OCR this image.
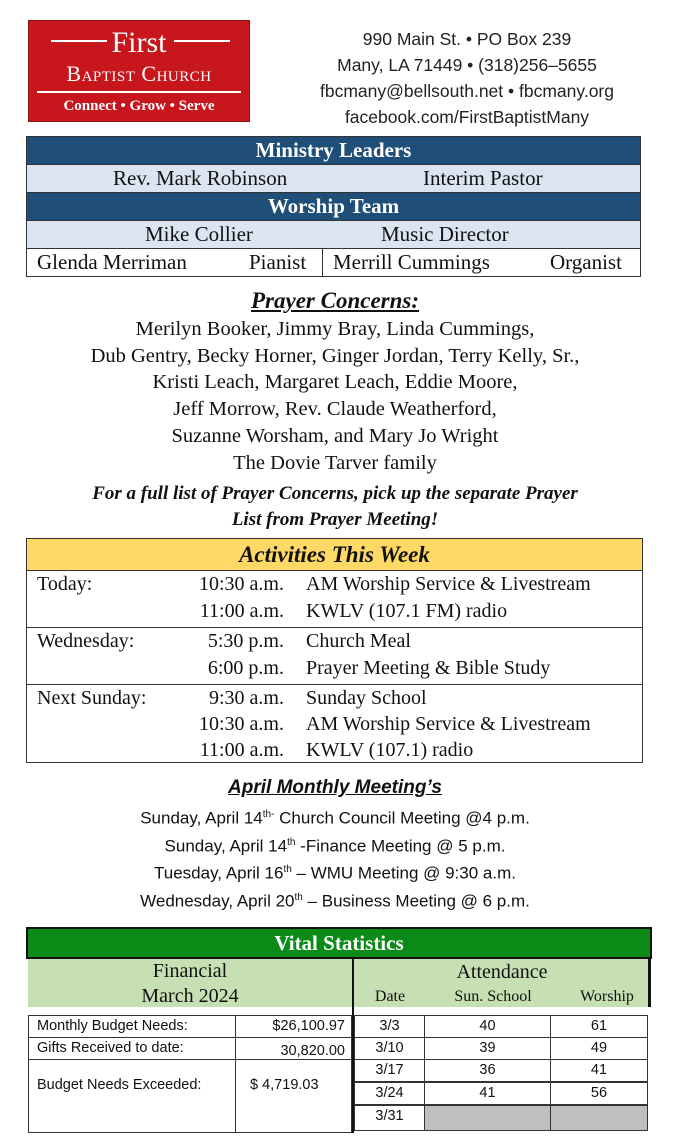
First
Baptist Church
Connect • Grow • Serve
990 Main St. • PO Box 239
Many, LA 71449 • (318)256–5655
fbcmany@bellsouth.net • fbcmany.org
facebook.com/FirstBaptistMany
Ministry Leaders
Rev. Mark Robinson	Interim Pastor
Worship Team
Mike Collier	Music Director
Glenda Merriman	Pianist Merrill Cummings	Organist
Prayer Concerns:
Merilyn Booker, Jimmy Bray, Linda Cummings,
Dub Gentry, Becky Horner, Ginger Jordan, Terry Kelly, Sr.,
Kristi Leach, Margaret Leach, Eddie Moore,
Jeff Morrow, Rev. Claude Weatherford,
Suzanne Worsham, and Mary Jo Wright
The Dovie Tarver family
For a full list of Prayer Concerns, pick up the separate Prayer
List from Prayer Meeting!
Activities This Week
Today:	10:30 a.m. AM Worship Service & Livestream
11:00 a.m. KWLV (107.1 FM) radio
Wednesday:	5:30 p.m. Church Meal
6:00 p.m. Prayer Meeting & Bible Study
Next Sunday:	9:30 a.m. Sunday School
10:30 a.m. AM Worship Service & Livestream
11:00 a.m. KWLV (107.1) radio
April Monthly Meeting’s
Sunday, April $14^{th-}$ Church Council Meeting @4 p.m.
Sunday, April 14th -Finance Meeting @ 5 p.m.
Tuesday, April 16th – WMU Meeting @ 9:30 a.m.
Wednesday, April 20th – Business Meeting @ 6 p.m.
Vital Statistics
Financial
March 2024
Attendance
Date	Sun. School	Worship
Monthly Budget Needs:	$26,100.97
Gifts Received to date:	30,820.00
Budget Needs Exceeded:	$ 4,719.03
3/3	40	61
3/10	39	49
3/17	36	41
3/24	41	56
3/31
